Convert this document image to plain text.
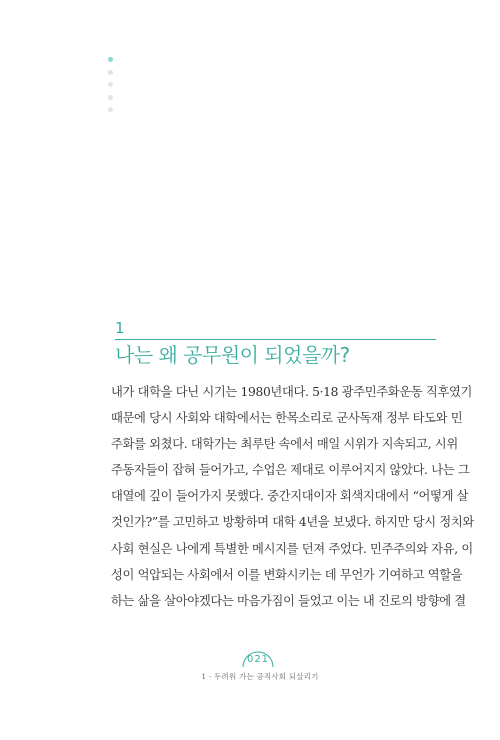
1
나는 왜 공무원이 되었을까?
내가 대학을 다닌 시기는 1980년대다. 5·18 광주민주화운동 직후였기
때문에 당시 사회와 대학에서는 한목소리로 군사독재 정부 타도와 민
주화를 외쳤다. 대학가는 최루탄 속에서 매일 시위가 지속되고, 시위
주동자들이 잡혀 들어가고, 수업은 제대로 이루어지지 않았다. 나는 그
대열에 깊이 들어가지 못했다. 중간지대이자 회색지대에서 “어떻게 살
것인가?”를 고민하고 방황하며 대학 4년을 보냈다. 하지만 당시 정치와
사회 현실은 나에게 특별한 메시지를 던져 주었다. 민주주의와 자유, 이
성이 억압되는 사회에서 이를 변화시키는 데 무언가 기여하고 역할을
하는 삶을 살아야겠다는 마음가짐이 들었고 이는 내 진로의 방향에 결
021
1 · 두려워 가는 공직사회 되살리기
